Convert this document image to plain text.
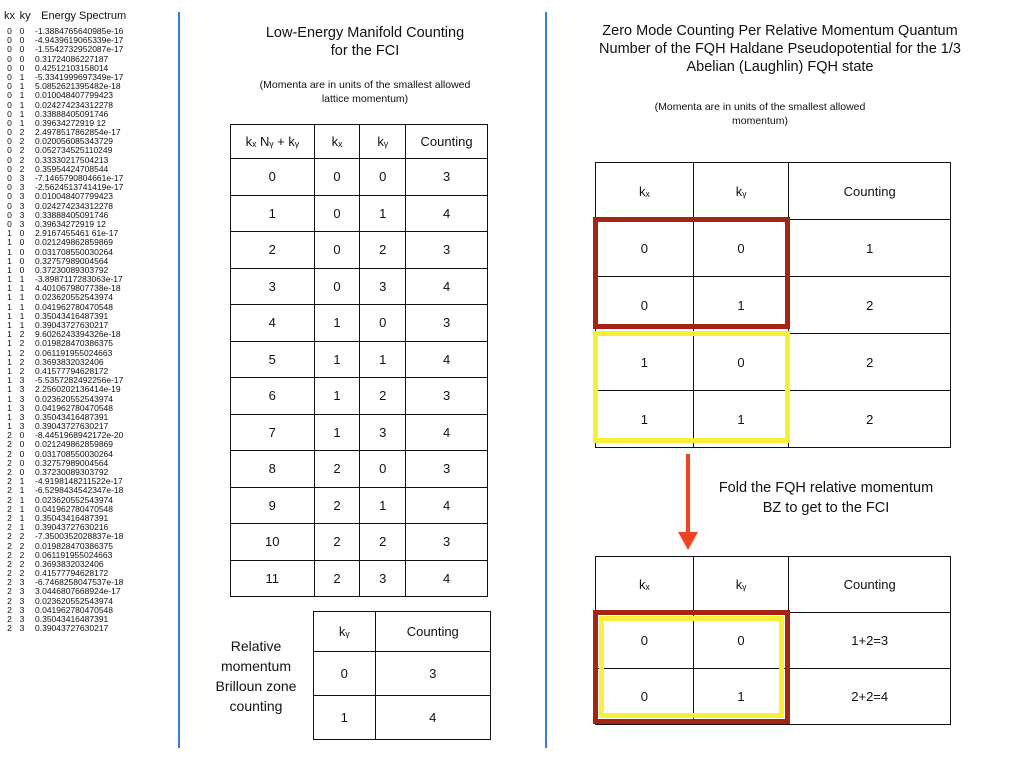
kx ky Energy Spectrum
0 0 -1.3884765640985e-16
0 0 -4.9439619065339e-17
0 0 -1.5542732952087e-17
0 0 0.31724086227187
0 0 0.42512103158014
0 1 -5.3341999697349e-17
0 1 5.0852621395482e-18
0 1 0.010048407799423
0 1 0.024274234312278
0 1 0.33888405091746
0 1 0.39634272919 12
0 2 2.4978517862854e-17
0 2 0.020056085343729
0 2 0.052734525110249
0 2 0.33330217504213
0 2 0.35954424708544
0 3 -7.1465790804661e-17
0 3 -2.5624513741419e-17
0 3 0.010048407799423
0 3 0.024274234312278
0 3 0.33888405091746
0 3 0.39634272919 12
1 0 2.9167455461 61e-17
1 0 0.021249862859869
1 0 0.031708550030264
1 0 0.32757989004564
1 0 0.37230089303792
1 1 -3.8987117283063e-17
1 1 4.4010679807738e-18
1 1 0.023620552543974
1 1 0.041962780470548
1 1 0.35043416487391
1 1 0.39043727630217
1 2 9.6026243394326e-18
1 2 0.019828470386375
1 2 0.061191955024663
1 2 0.3693832032406
1 2 0.41577794628172
1 3 -5.5357282492256e-17
1 3 2.2560202136414e-19
1 3 0.023620552543974
1 3 0.041962780470548
1 3 0.35043416487391
1 3 0.39043727630217
2 0 -8.4451968942172e-20
2 0 0.021249862859869
2 0 0.031708550030264
2 0 0.32757989004564
2 0 0.37230089303792
2 1 -4.9198148211522e-17
2 1 -6.5298434542347e-18
2 1 0.023620552543974
2 1 0.041962780470548
2 1 0.35043416487391
2 1 0.39043727630216
2 2 -7.3500352028837e-18
2 2 0.019828470386375
2 2 0.061191955024663
2 2 0.3693832032406
2 2 0.41577794628172
2 3 -6.7468258047537e-18
2 3 3.0446807668924e-17
2 3 0.023620552543974
2 3 0.041962780470548
2 3 0.35043416487391
2 3 0.39043727630217
Low-Energy Manifold Counting
for the FCI
(Momenta are in units of the smallest allowed
lattice momentum)
kₓ Nᵧ + kᵧ	kₓ	kᵧ	Counting
0	0	0	3
1	0	1	4
2	0	2	3
3	0	3	4
4	1	0	3
5	1	1	4
6	1	2	3
7	1	3	4
8	2	0	3
9	2	1	4
10	2	2	3
11	2	3	4
Relative
momentum
Brilloun zone
counting
kᵧ	Counting
0	3
1	4
Zero Mode Counting Per Relative Momentum Quantum
Number of the FQH Haldane Pseudopotential for the 1/3
Abelian (Laughlin) FQH state
(Momenta are in units of the smallest allowed
momentum)
kₓ	kᵧ	Counting
0	0	1
0	1	2
1	0	2
1	1	2
Fold the FQH relative momentum
BZ to get to the FCI
kₓ	kᵧ	Counting
0	0	1+2=3
0	1	2+2=4
